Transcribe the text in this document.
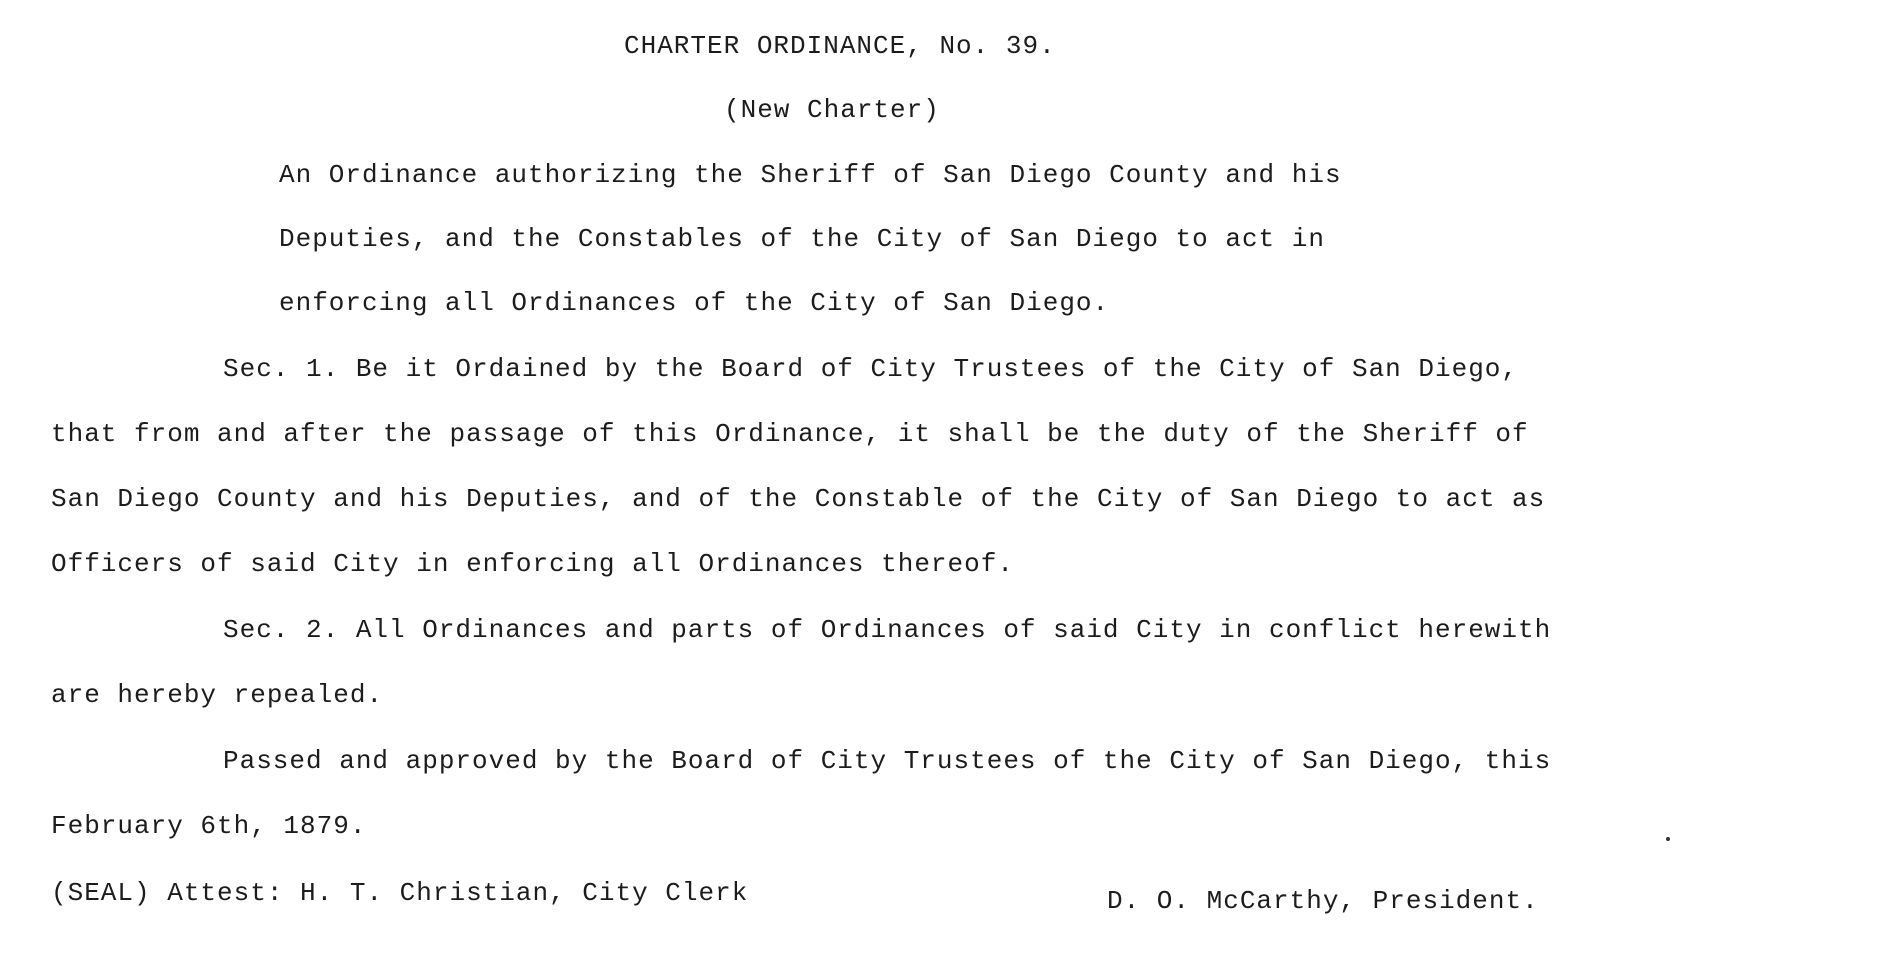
CHARTER ORDINANCE, No. 39.
(New Charter)
An Ordinance authorizing the Sheriff of San Diego County and his
Deputies, and the Constables of the City of San Diego to act in
enforcing all Ordinances of the City of San Diego.
Sec. 1. Be it Ordained by the Board of City Trustees of the City of San Diego,
that from and after the passage of this Ordinance, it shall be the duty of the Sheriff of
San Diego County and his Deputies, and of the Constable of the City of San Diego to act as
Officers of said City in enforcing all Ordinances thereof.
Sec. 2. All Ordinances and parts of Ordinances of said City in conflict herewith
are hereby repealed.
Passed and approved by the Board of City Trustees of the City of San Diego, this
February 6th, 1879.
(SEAL) Attest: H. T. Christian, City Clerk	D. O. McCarthy, President.
